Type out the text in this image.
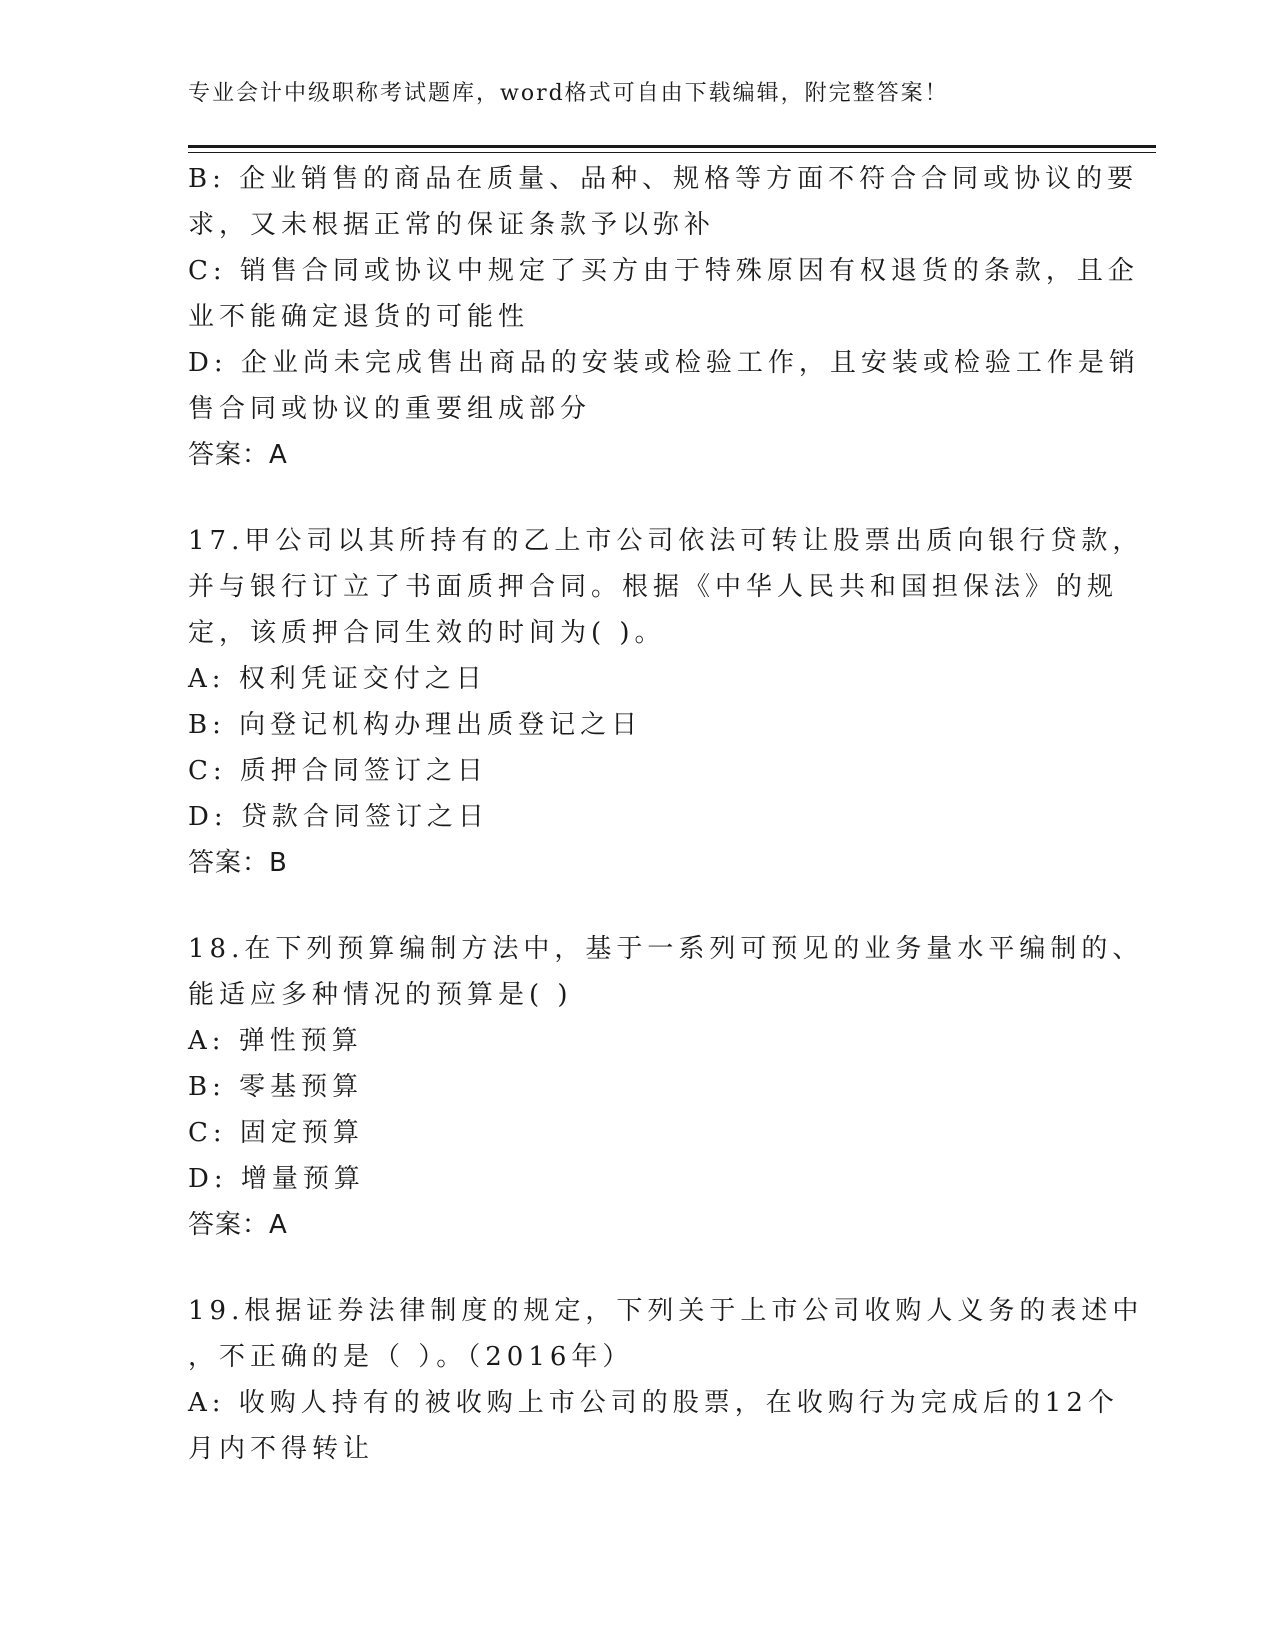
专业会计中级职称考试题库，word格式可自由下载编辑，附完整答案！
B: 企业销售的商品在质量、品种、规格等方面不符合合同或协议的要
求，又未根据正常的保证条款予以弥补
C: 销售合同或协议中规定了买方由于特殊原因有权退货的条款，且企
业不能确定退货的可能性
D: 企业尚未完成售出商品的安装或检验工作，且安装或检验工作是销
售合同或协议的重要组成部分
答案：A
17.甲公司以其所持有的乙上市公司依法可转让股票出质向银行贷款，
并与银行订立了书面质押合同。根据《中华人民共和国担保法》的规
定，该质押合同生效的时间为( )。
A: 权利凭证交付之日
B: 向登记机构办理出质登记之日
C: 质押合同签订之日
D: 贷款合同签订之日
答案：B
18.在下列预算编制方法中，基于一系列可预见的业务量水平编制的、
能适应多种情况的预算是( )
A: 弹性预算
B: 零基预算
C: 固定预算
D: 增量预算
答案：A
19.根据证券法律制度的规定，下列关于上市公司收购人义务的表述中
，不正确的是（ ）。（2016年）
A: 收购人持有的被收购上市公司的股票，在收购行为完成后的12个
月内不得转让
